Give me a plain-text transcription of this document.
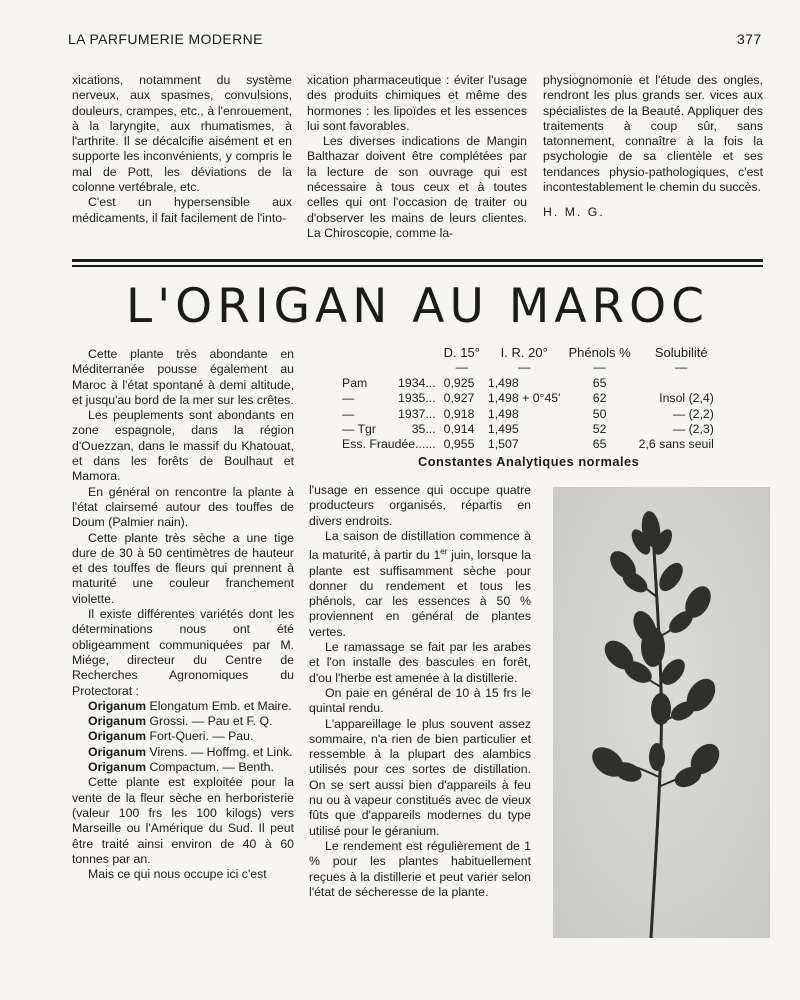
LA PARFUMERIE MODERNE	377

xications, notamment du système nerveux, aux spasmes, convulsions, douleurs, crampes, etc., à l'enrouement, à la laryngite, aux rhumatismes, à l'arthrite. Il se décalcifie aisément et en supporte les inconvénients, y compris le mal de Pott, les déviations de la colonne vertébrale, etc.

C'est un hypersensible aux médicaments, il fait facilement de l'into-

xication pharmaceutique : éviter l'usage des produits chimiques et même des hormones : les lipoïdes et les essences lui sont favorables.

Les diverses indications de Mangin Balthazar doivent être complétées par la lecture de son ouvrage qui est nécessaire à tous ceux et à toutes celles qui ont l'occasion de traiter ou d'observer les mains de leurs clientes. La Chiroscopie, comme la-

physiognomonie et l'étude des ongles, rendront les plus grands ser. vices aux spécialistes de la Beauté. Appliquer des traitements à coup sûr, sans tatonnement, connaître à la fois la psychologie de sa clientèle et ses tendances physio-pathologiques, c'est incontestablement le chemin du succès.

H. M. G.

L'ORIGAN AU MAROC

Cette plante très abondante en Méditerranée pousse également au Maroc à l'état spontané à demi altitude, et jusqu'au bord de la mer sur les crêtes.

Les peuplements sont abondants en zone espagnole, dans la région d'Ouezzan, dans le massif du Khatouat, et dans les forêts de Boulhaut et Mamora.

En général on rencontre la plante à l'état clairsemé autour des touffes de Doum (Palmier nain).

Cette plante très sèche a une tige dure de 30 à 50 centimètres de hauteur et des touffes de fleurs qui prennent à maturité une couleur franchement violette.

Il existe différentes variétés dont les déterminations nous ont été obligeamment communiquées par M. Miége, directeur du Centre de Recherches Agronomiques du Protectorat :

Origanum Elongatum Emb. et Maire.

Origanum Grossi. — Pau et F. Q.

Origanum Fort-Queri. — Pau.

Origanum Virens. — Hoffmg. et Link.

Origanum Compactum. — Benth.

Cette plante est exploitée pour la vente de la fleur sèche en herboristerie (valeur 100 frs les 100 kilogs) vers Marseille ou l'Amérique du Sud. Il peut être traité ainsi environ de 40 à 60 tonnes par an.

Mais ce qui nous occupe ici c'est

		D. 15°	I. R. 20°	Phénols %	Solubilité
		—	—	—	—
Pam	1934...	0,925	1,498	65	
—	1935...	0,927	1,498 + 0°45'	62	Insol (2,4)
—	1937...	0,918	1,498	50	— (2,2)
— Tgr	35...	0,914	1,495	52	— (2,3)
Ess. Fraudée......		0,955	1,507	65	2,6 sans seuil
Constantes Analytiques normales

l'usage en essence qui occupe quatre producteurs organisés, répartis en divers endroits.

La saison de distillation commence à la maturité, à partir du 1er juin, lorsque la plante est suffisamment sèche pour donner du rendement et tous les phénols, car les essences à 50 % proviennent en général de plantes vertes.

Le ramassage se fait par les arabes et l'on installe des bascules en forêt, d'ou l'herbe est amenée à la distillerie.

On paie en général de 10 à 15 frs le quintal rendu.

L'appareillage le plus souvent assez sommaire, n'a rien de bien particulier et ressemble à la plupart des alambics utilisés pour ces sortes de distillation. On se sert aussi bien d'appareils à feu nu ou à vapeur constitués avec de vieux fûts que d'appareils modernes du type utilisé pour le géranium.

Le rendement est régulièrement de 1 % pour les plantes habituellement reçues à la distillerie et peut varier selon l'état de sécheresse de la plante.
